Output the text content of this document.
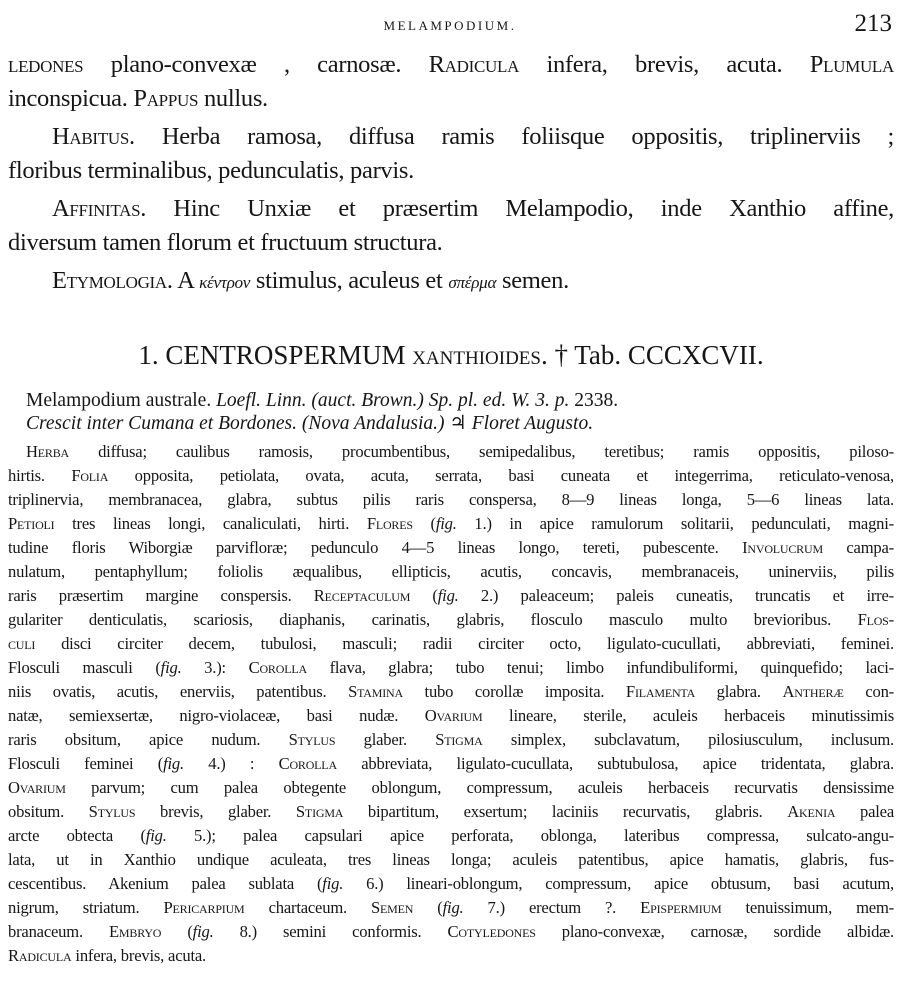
MELAMPODIUM.	213
ledones plano-convexæ , carnosæ. Radicula infera, brevis, acuta. Plumula
inconspicua. Pappus nullus.
Habitus. Herba ramosa, diffusa ramis foliisque oppositis, triplinerviis ;
floribus terminalibus, pedunculatis, parvis.
Affinitas. Hinc Unxiæ et præsertim Melampodio, inde Xanthio affine,
diversum tamen florum et fructuum structura.
Etymologia. A κέντρον stimulus, aculeus et σπέρμα semen.
1. CENTROSPERMUM xanthioides. † Tab. CCCXCVII.
Melampodium australe. Loefl. Linn. (auct. Brown.) Sp. pl. ed. W. 3. p. 2338.
Crescit inter Cumana et Bordones. (Nova Andalusia.) ♃ Floret Augusto.
Herba diffusa; caulibus ramosis, procumbentibus, semipedalibus, teretibus; ramis oppositis, piloso-
hirtis. Folia opposita, petiolata, ovata, acuta, serrata, basi cuneata et integerrima, reticulato-venosa,
triplinervia, membranacea, glabra, subtus pilis raris conspersa, 8—9 lineas longa, 5—6 lineas lata.
Petioli tres lineas longi, canaliculati, hirti. Flores (fig. 1.) in apice ramulorum solitarii, pedunculati, magni-
tudine floris Wiborgiæ parvifloræ; pedunculo 4—5 lineas longo, tereti, pubescente. Involucrum campa-
nulatum, pentaphyllum; foliolis æqualibus, ellipticis, acutis, concavis, membranaceis, uninerviis, pilis
raris præsertim margine conspersis. Receptaculum (fig. 2.) paleaceum; paleis cuneatis, truncatis et irre-
gulariter denticulatis, scariosis, diaphanis, carinatis, glabris, flosculo masculo multo brevioribus. Flos-
culi disci circiter decem, tubulosi, masculi; radii circiter octo, ligulato-cucullati, abbreviati, feminei.
Flosculi masculi (fig. 3.): Corolla flava, glabra; tubo tenui; limbo infundibuliformi, quinquefido; laci-
niis ovatis, acutis, enerviis, patentibus. Stamina tubo corollæ imposita. Filamenta glabra. Antheræ con-
natæ, semiexsertæ, nigro-violaceæ, basi nudæ. Ovarium lineare, sterile, aculeis herbaceis minutissimis
raris obsitum, apice nudum. Stylus glaber. Stigma simplex, subclavatum, pilosiusculum, inclusum.
Flosculi feminei (fig. 4.) : Corolla abbreviata, ligulato-cucullata, subtubulosa, apice tridentata, glabra.
Ovarium parvum; cum palea obtegente oblongum, compressum, aculeis herbaceis recurvatis densissime
obsitum. Stylus brevis, glaber. Stigma bipartitum, exsertum; laciniis recurvatis, glabris. Akenia palea
arcte obtecta (fig. 5.); palea capsulari apice perforata, oblonga, lateribus compressa, sulcato-angu-
lata, ut in Xanthio undique aculeata, tres lineas longa; aculeis patentibus, apice hamatis, glabris, fus-
cescentibus. Akenium palea sublata (fig. 6.) lineari-oblongum, compressum, apice obtusum, basi acutum,
nigrum, striatum. Pericarpium chartaceum. Semen (fig. 7.) erectum ?. Epispermium tenuissimum, mem-
branaceum. Embryo (fig. 8.) semini conformis. Cotyledones plano-convexæ, carnosæ, sordide albidæ.
Radicula infera, brevis, acuta.
